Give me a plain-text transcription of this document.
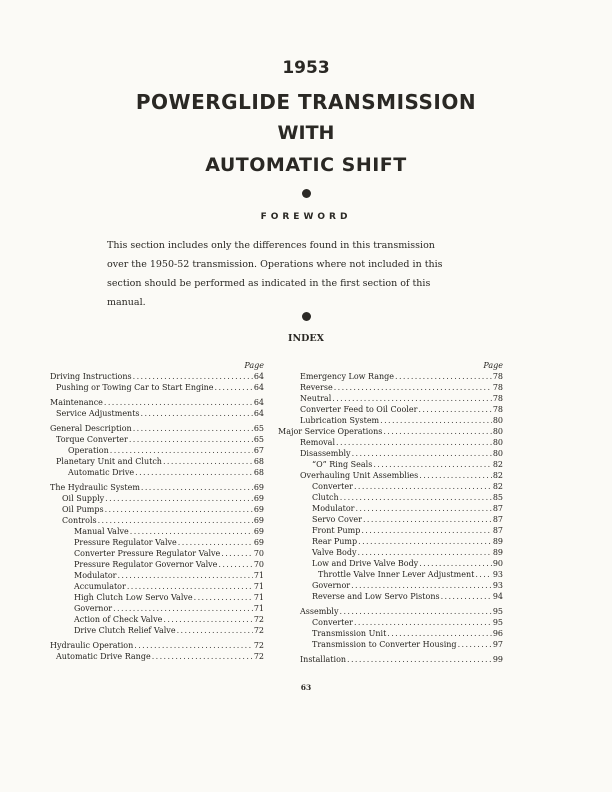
1953
POWERGLIDE TRANSMISSION
WITH
AUTOMATIC SHIFT
FOREWORD
This section includes only the differences found in this transmission
over the 1950-52 transmission. Operations where not included in this
section should be performed as indicated in the first section of this
manual.
INDEX
Page
Driving Instructions .....	64
Pushing or Towing Car to Start Engine .....	64
Maintenance .....	64
Service Adjustments .....	64
General Description .....	65
Torque Converter .....	65
Operation .....	67
Planetary Unit and Clutch .....	68
Automatic Drive .....	68
The Hydraulic System .....	69
Oil Supply .....	69
Oil Pumps .....	69
Controls .....	69
Manual Valve .....	69
Pressure Regulator Valve .....	69
Converter Pressure Regulator Valve .....	70
Pressure Regulator Governor Valve .....	70
Modulator .....	71
Accumulator .....	71
High Clutch Low Servo Valve .....	71
Governor .....	71
Action of Check Valve .....	72
Drive Clutch Relief Valve .....	72
Hydraulic Operation .....	72
Automatic Drive Range .....	72
Page
Emergency Low Range .....	78
Reverse .....	78
Neutral .....	78
Converter Feed to Oil Cooler .....	78
Lubrication System .....	80
Major Service Operations .....	80
Removal .....	80
Disassembly .....	80
“O” Ring Seals .....	82
Overhauling Unit Assemblies .....	82
Converter .....	82
Clutch .....	85
Modulator .....	87
Servo Cover .....	87
Front Pump .....	87
Rear Pump .....	89
Valve Body .....	89
Low and Drive Valve Body .....	90
Throttle Valve Inner Lever Adjustment ..... 93
Governor .....	93
Reverse and Low Servo Pistons .....	94
Assembly .....	95
Converter .....	95
Transmission Unit .....	96
Transmission to Converter Housing .....	97
Installation .....	99
63
